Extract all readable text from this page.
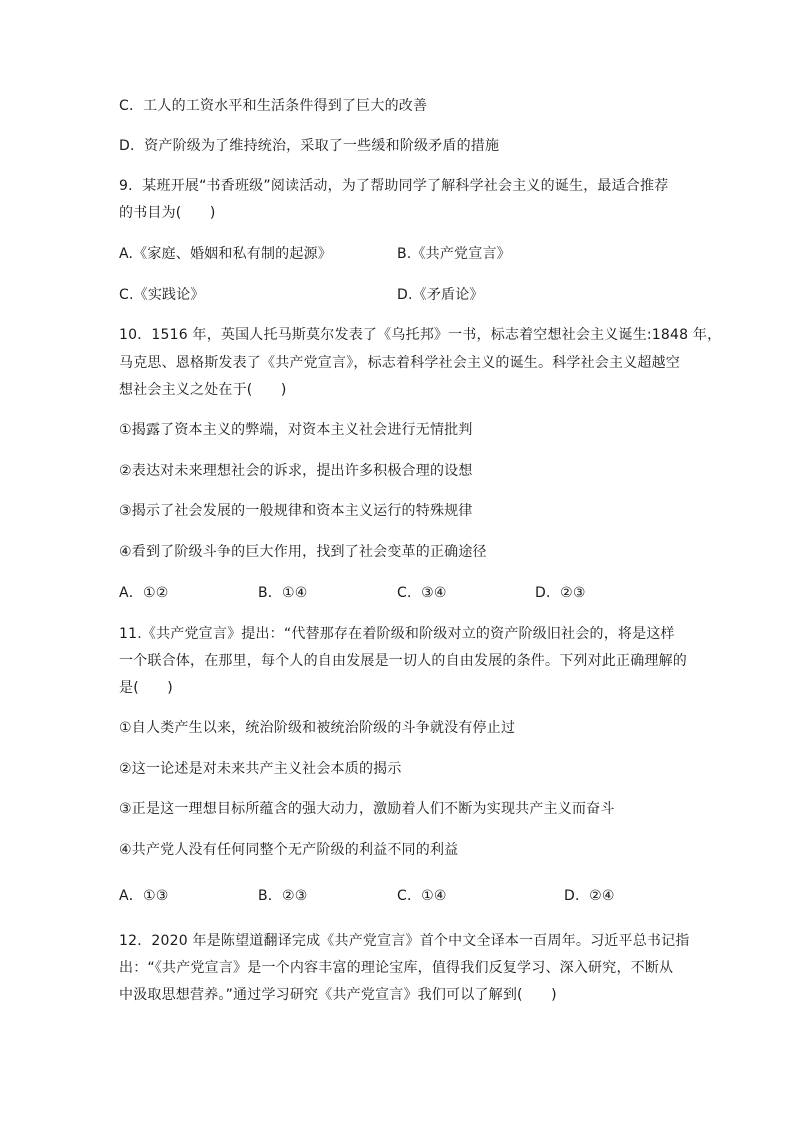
C．工人的工资水平和生活条件得到了巨大的改善
D．资产阶级为了维持统治，采取了一些缓和阶级矛盾的措施
9．某班开展“书香班级”阅读活动，为了帮助同学了解科学社会主义的诞生，最适合推荐
的书目为(　　)
A.《家庭、婚姻和私有制的起源》	B.《共产党宣言》
C.《实践论》	D.《矛盾论》
10．1516 年，英国人托马斯莫尔发表了《乌托邦》一书，标志着空想社会主义诞生:1848 年，
马克思、恩格斯发表了《共产党宣言》，标志着科学社会主义的诞生。科学社会主义超越空
想社会主义之处在于(　　)
①揭露了资本主义的弊端，对资本主义社会进行无情批判
②表达对未来理想社会的诉求，提出许多积极合理的设想
③揭示了社会发展的一般规律和资本主义运行的特殊规律
④看到了阶级斗争的巨大作用，找到了社会变革的正确途径
A．①②	B．①④	C．③④	D．②③
11.《共产党宣言》提出：“代替那存在着阶级和阶级对立的资产阶级旧社会的，将是这样
一个联合体，在那里，每个人的自由发展是一切人的自由发展的条件。下列对此正确理解的
是(　　)
①自人类产生以来，统治阶级和被统治阶级的斗争就没有停止过
②这一论述是对未来共产主义社会本质的揭示
③正是这一理想目标所蕴含的强大动力，激励着人们不断为实现共产主义而奋斗
④共产党人没有任何同整个无产阶级的利益不同的利益
A．①③	B．②③	C．①④	D．②④
12．2020 年是陈望道翻译完成《共产党宣言》首个中文全译本一百周年。习近平总书记指
出：“《共产党宣言》是一个内容丰富的理论宝库，值得我们反复学习、深入研究，不断从
中汲取思想营养。”通过学习研究《共产党宣言》我们可以了解到(　　)
